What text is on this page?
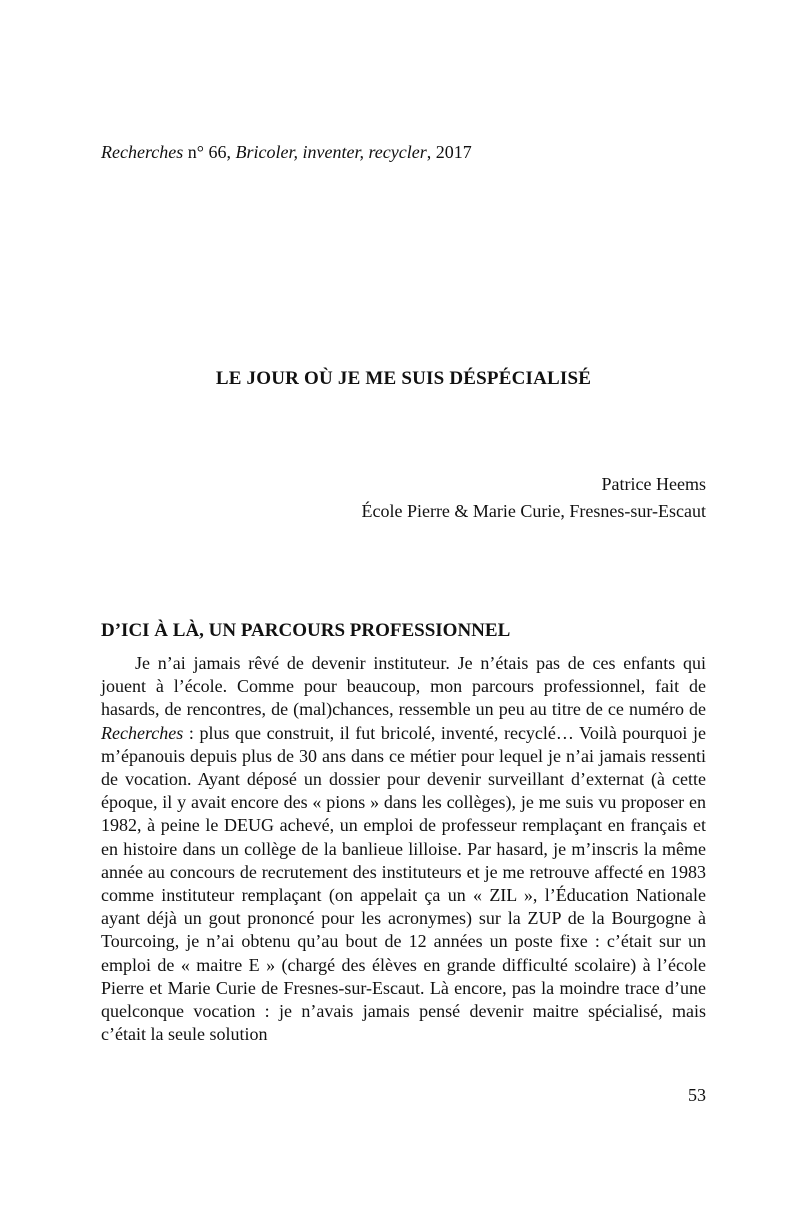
Recherches n° 66, Bricoler, inventer, recycler, 2017
LE JOUR OÙ JE ME SUIS DÉSPÉCIALISÉ
Patrice Heems
École Pierre & Marie Curie, Fresnes-sur-Escaut
D’ICI À LÀ, UN PARCOURS PROFESSIONNEL

Je n’ai jamais rêvé de devenir instituteur. Je n’étais pas de ces enfants qui jouent à l’école. Comme pour beaucoup, mon parcours professionnel, fait de hasards, de rencontres, de (mal)chances, ressemble un peu au titre de ce numéro de Recherches : plus que construit, il fut bricolé, inventé, recyclé… Voilà pourquoi je m’épanouis depuis plus de 30 ans dans ce métier pour lequel je n’ai jamais ressenti de vocation. Ayant déposé un dossier pour devenir surveillant d’externat (à cette époque, il y avait encore des « pions » dans les collèges), je me suis vu proposer en 1982, à peine le DEUG achevé, un emploi de professeur remplaçant en français et en histoire dans un collège de la banlieue lilloise. Par hasard, je m’inscris la même année au concours de recrutement des instituteurs et je me retrouve affecté en 1983 comme instituteur remplaçant (on appelait ça un « ZIL », l’Éducation Nationale ayant déjà un gout prononcé pour les acronymes) sur la ZUP de la Bourgogne à Tourcoing, je n’ai obtenu qu’au bout de 12 années un poste fixe : c’était sur un emploi de « maitre E » (chargé des élèves en grande difficulté scolaire) à l’école Pierre et Marie Curie de Fresnes-sur-Escaut. Là encore, pas la moindre trace d’une quelconque vocation : je n’avais jamais pensé devenir maitre spécialisé, mais c’était la seule solution

53
